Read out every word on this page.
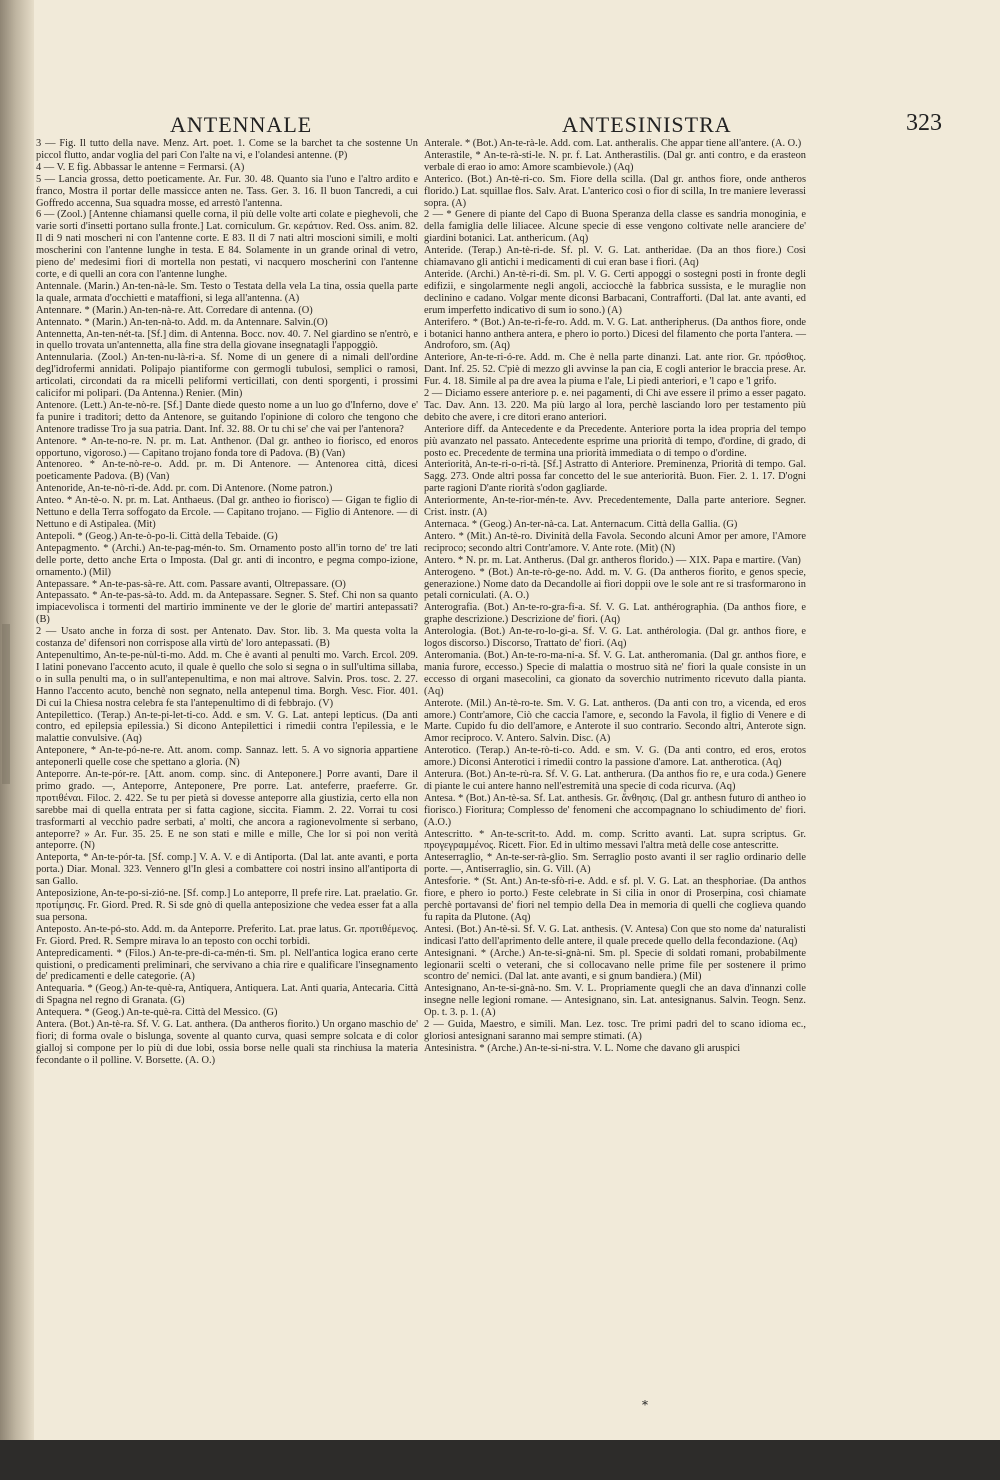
ANTENNALE	ANTESINISTRA	323

3 — Fig. Il tutto della nave. Menz. Art. poet. 1. Come se la barchet ta che sostenne Un piccol flutto, andar voglia del pari Con l'alte na vi, e l'olandesi antenne. (P)

4 — V. E fig. Abbassar le antenne = Fermarsi. (A)

5 — Lancia grossa, detto poeticamente. Ar. Fur. 30. 48. Quanto sia l'uno e l'altro ardito e franco, Mostra il portar delle massicce anten ne. Tass. Ger. 3. 16. Il buon Tancredi, a cui Goffredo accenna, Sua squadra mosse, ed arrestò l'antenna.

6 — (Zool.) [Antenne chiamansi quelle corna, il più delle volte arti colate e pieghevoli, che varie sorti d'insetti portano sulla fronte.] Lat. corniculum. Gr. κεράτιον. Red. Oss. anim. 82. Il di 9 nati moscheri ni con l'antenne corte. E 83. Il di 7 nati altri moscioni simili, e molti moscherini con l'antenne lunghe in testa. E 84. Solamente in un grande orinal di vetro, pieno de' medesimi fiori di mortella non pestati, vi nacquero moscherini con l'antenne corte, e di quelli an cora con l'antenne lunghe.

Antennale. (Marin.) An-ten-nà-le. Sm. Testo o Testata della vela La tina, ossia quella parte la quale, armata d'occhietti e mataffioni, si lega all'antenna. (A)

Antennare. * (Marin.) An-ten-nà-re. Att. Corredare di antenna. (O)

Antennato. * (Marin.) An-ten-nà-to. Add. m. da Antennare. Salvin.(O)

Antennetta, An-ten-nét-ta. [Sf.] dim. di Antenna. Bocc. nov. 40. 7. Nel giardino se n'entrò, e in quello trovata un'antennetta, alla fine stra della giovane insegnatagli l'appoggiò.

Antennularia. (Zool.) An-ten-nu-là-ri-a. Sf. Nome di un genere di a nimali dell'ordine degl'idrofermi annidati. Polipajo piantiforme con germogli tubulosi, semplici o ramosi, articolati, circondati da ra micelli peliformi verticillati, con denti sporgenti, i prossimi calicifor mi polipari. (Da Antenna.) Renier. (Min)

Antenore. (Lett.) An-te-nò-re. [Sf.] Dante diede questo nome a un luo go d'Inferno, dove e' fa punire i traditori; detto da Antenore, se guitando l'opinione di coloro che tengono che Antenore tradisse Tro ja sua patria. Dant. Inf. 32. 88. Or tu chi se' che vai per l'antenora?

Antenore. * An-te-no-re. N. pr. m. Lat. Anthenor. (Dal gr. antheo io fiorisco, ed enoros opportuno, vigoroso.) — Capitano trojano fonda tore di Padova. (B) (Van)

Antenoreo. * An-te-nò-re-o. Add. pr. m. Di Antenore. — Antenorea città, dicesi poeticamente Padova. (B) (Van)

Antenoride, An-te-nò-ri-de. Add. pr. com. Di Antenore. (Nome patron.)

Anteo. * An-tè-o. N. pr. m. Lat. Anthaeus. (Dal gr. antheo io fiorisco) — Gigan te figlio di Nettuno e della Terra soffogato da Ercole. — Capitano trojano. — Figlio di Antenore. — di Nettuno e di Astipalea. (Mit)

Antepoli. * (Geog.) An-te-ò-po-li. Città della Tebaide. (G)

Antepagmento. * (Archi.) An-te-pag-mén-to. Sm. Ornamento posto all'in torno de' tre lati delle porte, detto anche Erta o Imposta. (Dal gr. anti di incontro, e pegma compo-izione, ornamento.) (Mil)

Antepassare. * An-te-pas-sà-re. Att. com. Passare avanti, Oltrepassare. (O)

Antepassato. * An-te-pas-sà-to. Add. m. da Antepassare. Segner. S. Stef. Chi non sa quanto impiacevolisca i tormenti del martirio imminente ve der le glorie de' martiri antepassati? (B)

2 — Usato anche in forza di sost. per Antenato. Dav. Stor. lib. 3. Ma questa volta la costanza de' difensori non corrispose alla virtù de' loro antepassati. (B)

Antepenultimo, An-te-pe-nùl-ti-mo. Add. m. Che è avanti al penulti mo. Varch. Ercol. 209. I latini ponevano l'accento acuto, il quale è quello che solo si segna o in sull'ultima sillaba, o in sulla penulti ma, o in sull'antepenultima, e non mai altrove. Salvin. Pros. tosc. 2. 27. Hanno l'accento acuto, benchè non segnato, nella antepenul tima. Borgh. Vesc. Fior. 401. Di cui la Chiesa nostra celebra fe sta l'antepenultimo di di febbrajo. (V)

Antepilettico. (Terap.) An-te-pi-let-ti-co. Add. e sm. V. G. Lat. antepi lepticus. (Da anti contro, ed epilepsia epilessia.) Si dicono Antepilettici i rimedii contra l'epilessia, e le malattie convulsive. (Aq)

Anteponere, * An-te-pó-ne-re. Att. anom. comp. Sannaz. lett. 5. A vo signoria appartiene anteponerli quelle cose che spettano a gloria. (N)

Anteporre. An-te-pór-re. [Att. anom. comp. sinc. di Anteponere.] Porre avanti, Dare il primo grado. —, Anteporre, Anteponere, Pre porre. Lat. anteferre, praeferre. Gr. προτιθέναι. Filoc. 2. 422. Se tu per pietà si dovesse anteporre alla giustizia, certo ella non sarebbe mai di quella entrata per sì fatta cagione, siccita. Fiamm. 2. 22. Vorrai tu cosi trasformarti al vecchio padre serbati, a' molti, che ancora a ragionevolmente si serbano, anteporre? » Ar. Fur. 35. 25. E ne son stati e mille e mille, Che lor si poi non verità anteporre. (N)

Anteporta, * An-te-pór-ta. [Sf. comp.] V. A. V. e di Antiporta. (Dal lat. ante avanti, e porta porta.) Diar. Monal. 323. Vennero gl'In glesi a combattere coi nostri insino all'antiporta di san Gallo.

Anteposizione, An-te-po-si-zió-ne. [Sf. comp.] Lo anteporre, Il prefe rire. Lat. praelatio. Gr. προτίμησις. Fr. Giord. Pred. R. Si sde gnò di quella anteposizione che vedea esser fat a alla sua persona.

Anteposto. An-te-pó-sto. Add. m. da Anteporre. Preferito. Lat. prae latus. Gr. προτιθέμενος. Fr. Giord. Pred. R. Sempre mirava lo an teposto con occhi torbidi.

Antepredicamenti. * (Filos.) An-te-pre-di-ca-mén-ti. Sm. pl. Nell'antica logica erano certe quistioni, o predicamenti preliminari, che servivano a chia rire e qualificare l'insegnamento de' predicamenti e delle categorie. (A)

Antequaria. * (Geog.) An-te-què-ra, Antiquera, Antiquera. Lat. Anti quaria, Antecaria. Città di Spagna nel regno di Granata. (G)

Antequera. * (Geog.) An-te-què-ra. Città del Messico. (G)

Antera. (Bot.) An-tè-ra. Sf. V. G. Lat. anthera. (Da antheros fiorito.) Un organo maschio de' fiori; di forma ovale o bislunga, sovente al quanto curva, quasi sempre solcata e di color gialloj si compone per lo più di due lobi, ossia borse nelle quali sta rinchiusa la materia fecondante o il polline. V. Borsette. (A. O.)

Anterale. * (Bot.) An-te-rà-le. Add. com. Lat. antheralis. Che appar tiene all'antere. (A. O.)

Anterastile, * An-te-rà-sti-le. N. pr. f. Lat. Antherastilis. (Dal gr. anti contro, e da erasteon verbale di erao io amo: Amore scambievole.) (Aq)

Anterico. (Bot.) An-tè-ri-co. Sm. Fiore della scilla. (Dal gr. anthos fiore, onde antheros florido.) Lat. squillae flos. Salv. Arat. L'anterico così o fior di scilla, In tre maniere leverassi sopra. (A)

2 — * Genere di piante del Capo di Buona Speranza della classe es sandria monoginia, e della famiglia delle liliacee. Alcune specie di esse vengono coltivate nelle aranciere de' giardini botanici. Lat. anthericum. (Aq)

Anteride. (Terap.) An-tè-ri-de. Sf. pl. V. G. Lat. antheridae. (Da an thos fiore.) Così chiamavano gli antichi i medicamenti di cui eran base i fiori. (Aq)

Anteride. (Archi.) An-tè-ri-di. Sm. pl. V. G. Certi appoggi o sostegni posti in fronte degli edifizii, e singolarmente negli angoli, acciocchè la fabbrica sussista, e le muraglie non declinino e cadano. Volgar mente diconsi Barbacani, Contrafforti. (Dal lat. ante avanti, ed erum imperfetto indicativo di sum io sono.) (A)

Anterifero. * (Bot.) An-te-rì-fe-ro. Add. m. V. G. Lat. antheripherus. (Da anthos fiore, onde i botanici hanno anthera antera, e phero io porto.) Dicesi del filamento che porta l'antera. — Androforo, sm. (Aq)

Anteriore, An-te-ri-ó-re. Add. m. Che è nella parte dinanzi. Lat. ante rior. Gr. πρόσθιος. Dant. Inf. 25. 52. C'piè di mezzo gli avvinse la pan cia, E cogli anterior le braccia prese. Ar. Fur. 4. 18. Simile al pa dre avea la piuma e l'ale, Li piedi anteriori, e 'l capo e 'l grifo.

2 — Diciamo essere anteriore p. e. nei pagamenti, di Chi ave essere il primo a esser pagato. Tac. Dav. Ann. 13. 220. Ma più largo al lora, perchè lasciando loro per testamento più debito che avere, i cre ditori erano anteriori.

Anteriore diff. da Antecedente e da Precedente. Anteriore porta la idea propria del tempo più avanzato nel passato. Antecedente esprime una priorità di tempo, d'ordine, di grado, di posto ec. Precedente de termina una priorità immediata o di tempo o d'ordine.

Anteriorità, An-te-ri-o-ri-tà. [Sf.] Astratto di Anteriore. Preminenza, Priorità di tempo. Gal. Sagg. 273. Onde altri possa far concetto del le sue anteriorità. Buon. Fier. 2. 1. 17. D'ogni parte ragioni D'ante riorità s'odon gagliarde.

Anteriormente, An-te-rior-mén-te. Avv. Precedentemente, Dalla parte anteriore. Segner. Crist. instr. (A)

Anternaca. * (Geog.) An-ter-nà-ca. Lat. Anternacum. Città della Gallia. (G)

Antero. * (Mit.) An-tè-ro. Divinità della Favola. Secondo alcuni Amor per amore, l'Amore reciproco; secondo altri Contr'amore. V. Ante rote. (Mit) (N)

Antero. * N. pr. m. Lat. Antherus. (Dal gr. antheros florido.) — XIX. Papa e martire. (Van)

Anterogeno. * (Bot.) An-te-rò-ge-no. Add. m. V. G. (Da antheros fiorito, e genos specie, generazione.) Nome dato da Decandolle ai fiori doppii ove le sole ant re si trasformarono in petali corniculati. (A. O.)

Anterografia. (Bot.) An-te-ro-gra-fi-a. Sf. V. G. Lat. anthérographia. (Da anthos fiore, e graphe descrizione.) Descrizione de' fiori. (Aq)

Anterologia. (Bot.) An-te-ro-lo-gi-a. Sf. V. G. Lat. anthérologia. (Dal gr. anthos fiore, e logos discorso.) Discorso, Trattato de' fiori. (Aq)

Anteromania. (Bot.) An-te-ro-ma-ni-a. Sf. V. G. Lat. antheromania. (Dal gr. anthos fiore, e mania furore, eccesso.) Specie di malattia o mostruo sità ne' fiori la quale consiste in un eccesso di organi masecolini, ca gionato da soverchio nutrimento ricevuto dalla pianta. (Aq)

Anterote. (Mil.) An-tè-ro-te. Sm. V. G. Lat. antheros. (Da anti con tro, a vicenda, ed eros amore.) Contr'amore, Ciò che caccia l'amore, e, secondo la Favola, il figlio di Venere e di Marte. Cupido fu dio dell'amore, e Anterote il suo contrario. Secondo altri, Anterote sign. Amor reciproco. V. Antero. Salvin. Disc. (A)

Anterotico. (Terap.) An-te-rò-ti-co. Add. e sm. V. G. (Da anti contro, ed eros, erotos amore.) Diconsi Anterotici i rimedii contro la passione d'amore. Lat. antherotica. (Aq)

Anterura. (Bot.) An-te-rù-ra. Sf. V. G. Lat. antherura. (Da anthos fio re, e ura coda.) Genere di piante le cui antere hanno nell'estremità una specie di coda ricurva. (Aq)

Antesa. * (Bot.) An-tè-sa. Sf. Lat. anthesis. Gr. ἄνθησις. (Dal gr. anthesn futuro di antheo io fiorisco.) Fioritura; Complesso de' fenomeni che accompagnano lo schiudimento de' fiori. (A.O.)

Antescritto. * An-te-scrit-to. Add. m. comp. Scritto avanti. Lat. supra scriptus. Gr. προγεγραμμένος. Ricett. Fior. Ed in ultimo messavi l'altra metà delle cose antescritte.

Anteserraglio, * An-te-ser-rà-glio. Sm. Serraglio posto avanti il ser raglio ordinario delle porte. —, Antiserraglio, sin. G. Vill. (A)

Antesforie. * (St. Ant.) An-te-sfò-ri-e. Add. e sf. pl. V. G. Lat. an thesphoriae. (Da anthos fiore, e phero io porto.) Feste celebrate in Si cilia in onor di Proserpina, così chiamate perchè portavansi de' fiori nel tempio della Dea in memoria di quelli che coglieva quando fu rapita da Plutone. (Aq)

Antesi. (Bot.) An-tè-si. Sf. V. G. Lat. anthesis. (V. Antesa) Con que sto nome da' naturalisti indicasi l'atto dell'aprimento delle antere, il quale precede quello della fecondazione. (Aq)

Antesignani. * (Arche.) An-te-si-gnà-ni. Sm. pl. Specie di soldati romani, probabilmente legionarii scelti o veterani, che si collocavano nelle prime file per sostenere il primo scontro de' nemici. (Dal lat. ante avanti, e si gnum bandiera.) (Mil)

Antesignano, An-te-si-gnà-no. Sm. V. L. Propriamente quegli che an dava d'innanzi colle insegne nelle legioni romane. — Antesignano, sin. Lat. antesignanus. Salvin. Teogn. Senz. Op. t. 3. p. 1. (A)

2 — Guida, Maestro, e simili. Man. Lez. tosc. Tre primi padri del to scano idioma ec., gloriosi antesignani saranno mai sempre stimati. (A)

Antesinistra. * (Arche.) An-te-si-ni-stra. V. L. Nome che davano gli aruspici

*
